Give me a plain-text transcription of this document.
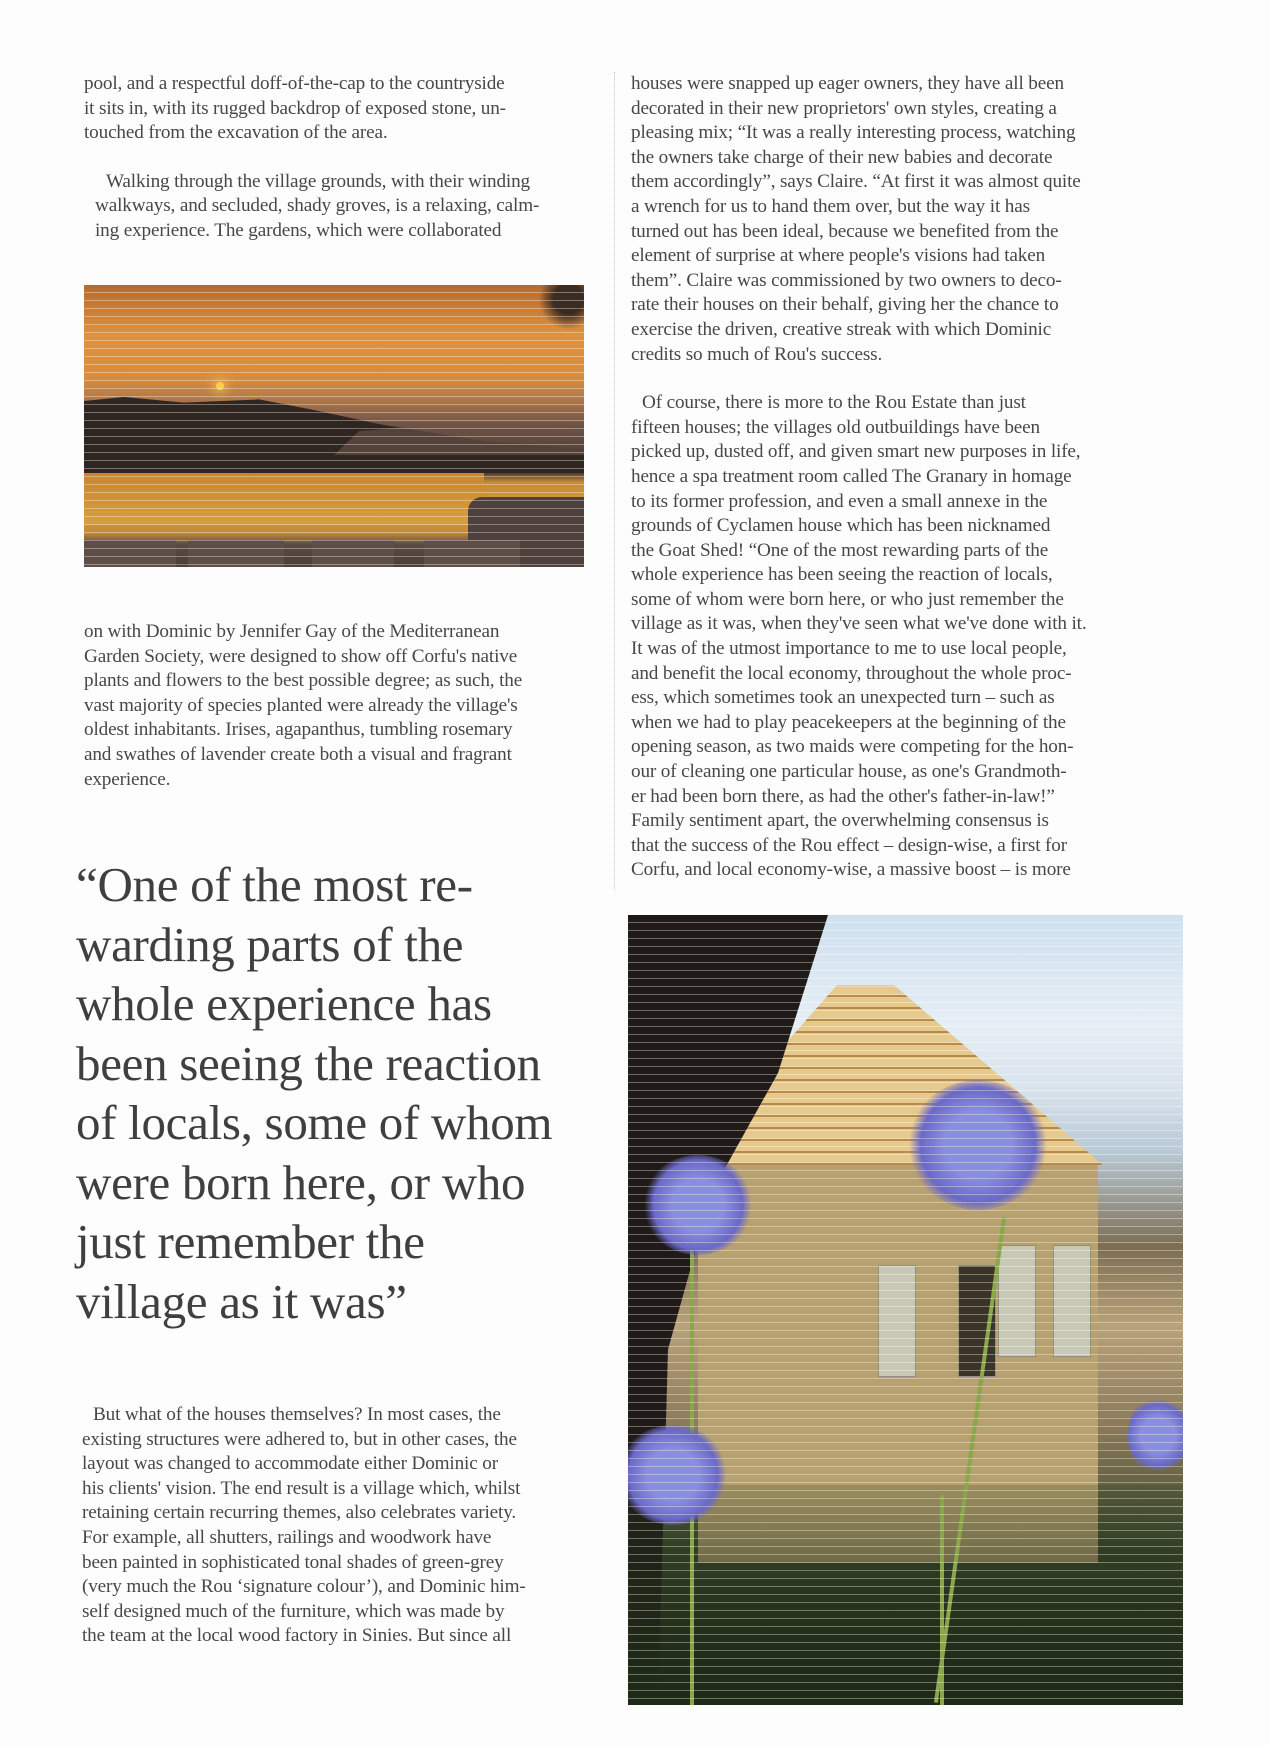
pool, and a respectful doff-of-the-cap to the countryside
it sits in, with its rugged backdrop of exposed stone, un-
touched from the excavation of the area.

Walking through the village grounds, with their winding
walkways, and secluded, shady groves, is a relaxing, calm-
ing experience. The gardens, which were collaborated

on with Dominic by Jennifer Gay of the Mediterranean
Garden Society, were designed to show off Corfu's native
plants and flowers to the best possible degree; as such, the
vast majority of species planted were already the village's
oldest inhabitants. Irises, agapanthus, tumbling rosemary
and swathes of lavender create both a visual and fragrant
experience.

“One of the most re-
warding parts of the
whole experience has
been seeing the reaction
of locals, some of whom
were born here, or who
just remember the
village as it was”

But what of the houses themselves? In most cases, the
existing structures were adhered to, but in other cases, the
layout was changed to accommodate either Dominic or
his clients' vision. The end result is a village which, whilst
retaining certain recurring themes, also celebrates variety.
For example, all shutters, railings and woodwork have
been painted in sophisticated tonal shades of green-grey
(very much the Rou ‘signature colour’), and Dominic him-
self designed much of the furniture, which was made by
the team at the local wood factory in Sinies. But since all

houses were snapped up eager owners, they have all been
decorated in their new proprietors' own styles, creating a
pleasing mix; “It was a really interesting process, watching
the owners take charge of their new babies and decorate
them accordingly”, says Claire. “At first it was almost quite
a wrench for us to hand them over, but the way it has
turned out has been ideal, because we benefited from the
element of surprise at where people's visions had taken
them”. Claire was commissioned by two owners to deco-
rate their houses on their behalf, giving her the chance to
exercise the driven, creative streak with which Dominic
credits so much of Rou's success.

Of course, there is more to the Rou Estate than just
fifteen houses; the villages old outbuildings have been
picked up, dusted off, and given smart new purposes in life,
hence a spa treatment room called The Granary in homage
to its former profession, and even a small annexe in the
grounds of Cyclamen house which has been nicknamed
the Goat Shed! “One of the most rewarding parts of the
whole experience has been seeing the reaction of locals,
some of whom were born here, or who just remember the
village as it was, when they've seen what we've done with it.
It was of the utmost importance to me to use local people,
and benefit the local economy, throughout the whole proc-
ess, which sometimes took an unexpected turn – such as
when we had to play peacekeepers at the beginning of the
opening season, as two maids were competing for the hon-
our of cleaning one particular house, as one's Grandmoth-
er had been born there, as had the other's father-in-law!”
Family sentiment apart, the overwhelming consensus is
that the success of the Rou effect – design-wise, a first for
Corfu, and local economy-wise, a massive boost – is more
